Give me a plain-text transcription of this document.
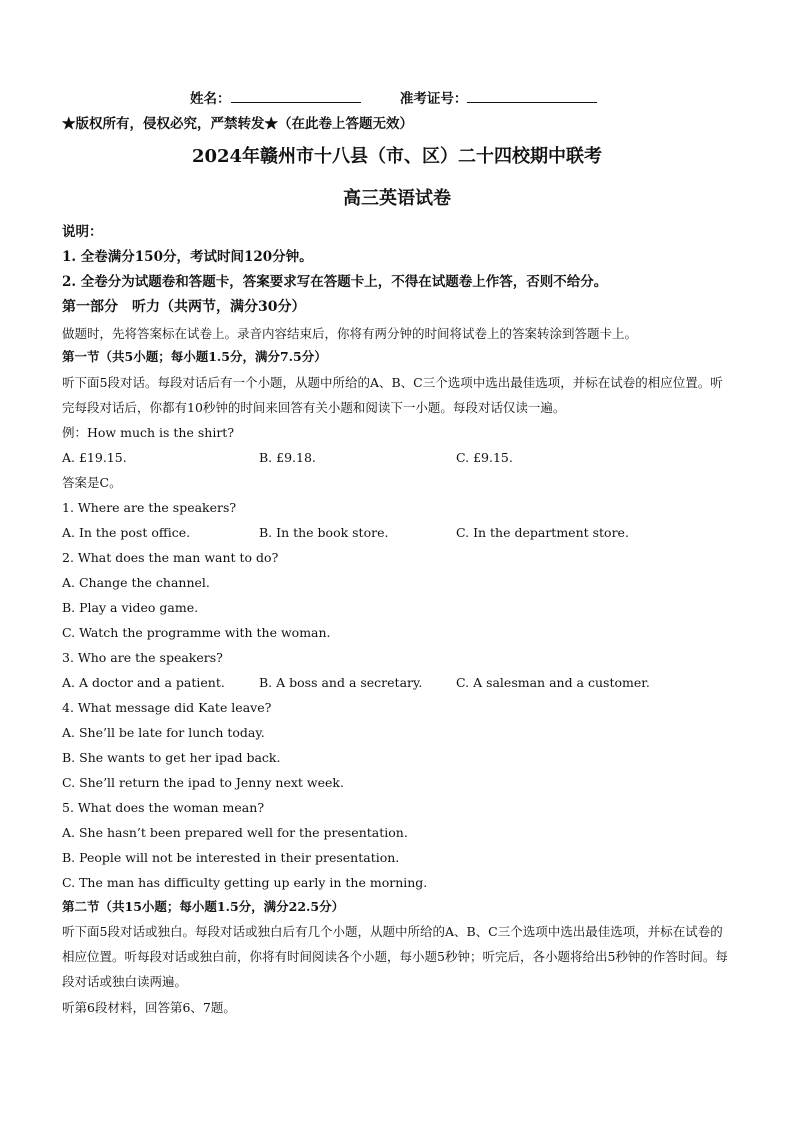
姓名：	准考证号：
★版权所有，侵权必究，严禁转发★（在此卷上答题无效）
2024年赣州市十八县（市、区）二十四校期中联考
高三英语试卷
说明：
1. 全卷满分150分，考试时间120分钟。
2. 全卷分为试题卷和答题卡，答案要求写在答题卡上，不得在试题卷上作答，否则不给分。
第一部分　听力（共两节，满分30分）
做题时，先将答案标在试卷上。录音内容结束后，你将有两分钟的时间将试卷上的答案转涂到答题卡上。
第一节（共5小题；每小题1.5分，满分7.5分）
听下面5段对话。每段对话后有一个小题，从题中所给的A、B、C三个选项中选出最佳选项，并标在试卷的相应位置。听完每段对话后，你都有10秒钟的时间来回答有关小题和阅读下一小题。每段对话仅读一遍。
例：How much is the shirt?
A. £19.15.	B. £9.18.	C. £9.15.
答案是C。
1. Where are the speakers?
A. In the post office.	B. In the book store.	C. In the department store.
2. What does the man want to do?
A. Change the channel.
B. Play a video game.
C. Watch the programme with the woman.
3. Who are the speakers?
A. A doctor and a patient.	B. A boss and a secretary.	C. A salesman and a customer.
4. What message did Kate leave?
A. She’ll be late for lunch today.
B. She wants to get her ipad back.
C. She’ll return the ipad to Jenny next week.
5. What does the woman mean?
A. She hasn’t been prepared well for the presentation.
B. People will not be interested in their presentation.
C. The man has difficulty getting up early in the morning.
第二节（共15小题；每小题1.5分，满分22.5分）
听下面5段对话或独白。每段对话或独白后有几个小题，从题中所给的A、B、C三个选项中选出最佳选项，并标在试卷的相应位置。听每段对话或独白前，你将有时间阅读各个小题，每小题5秒钟；听完后，各小题将给出5秒钟的作答时间。每段对话或独白读两遍。
听第6段材料，回答第6、7题。
